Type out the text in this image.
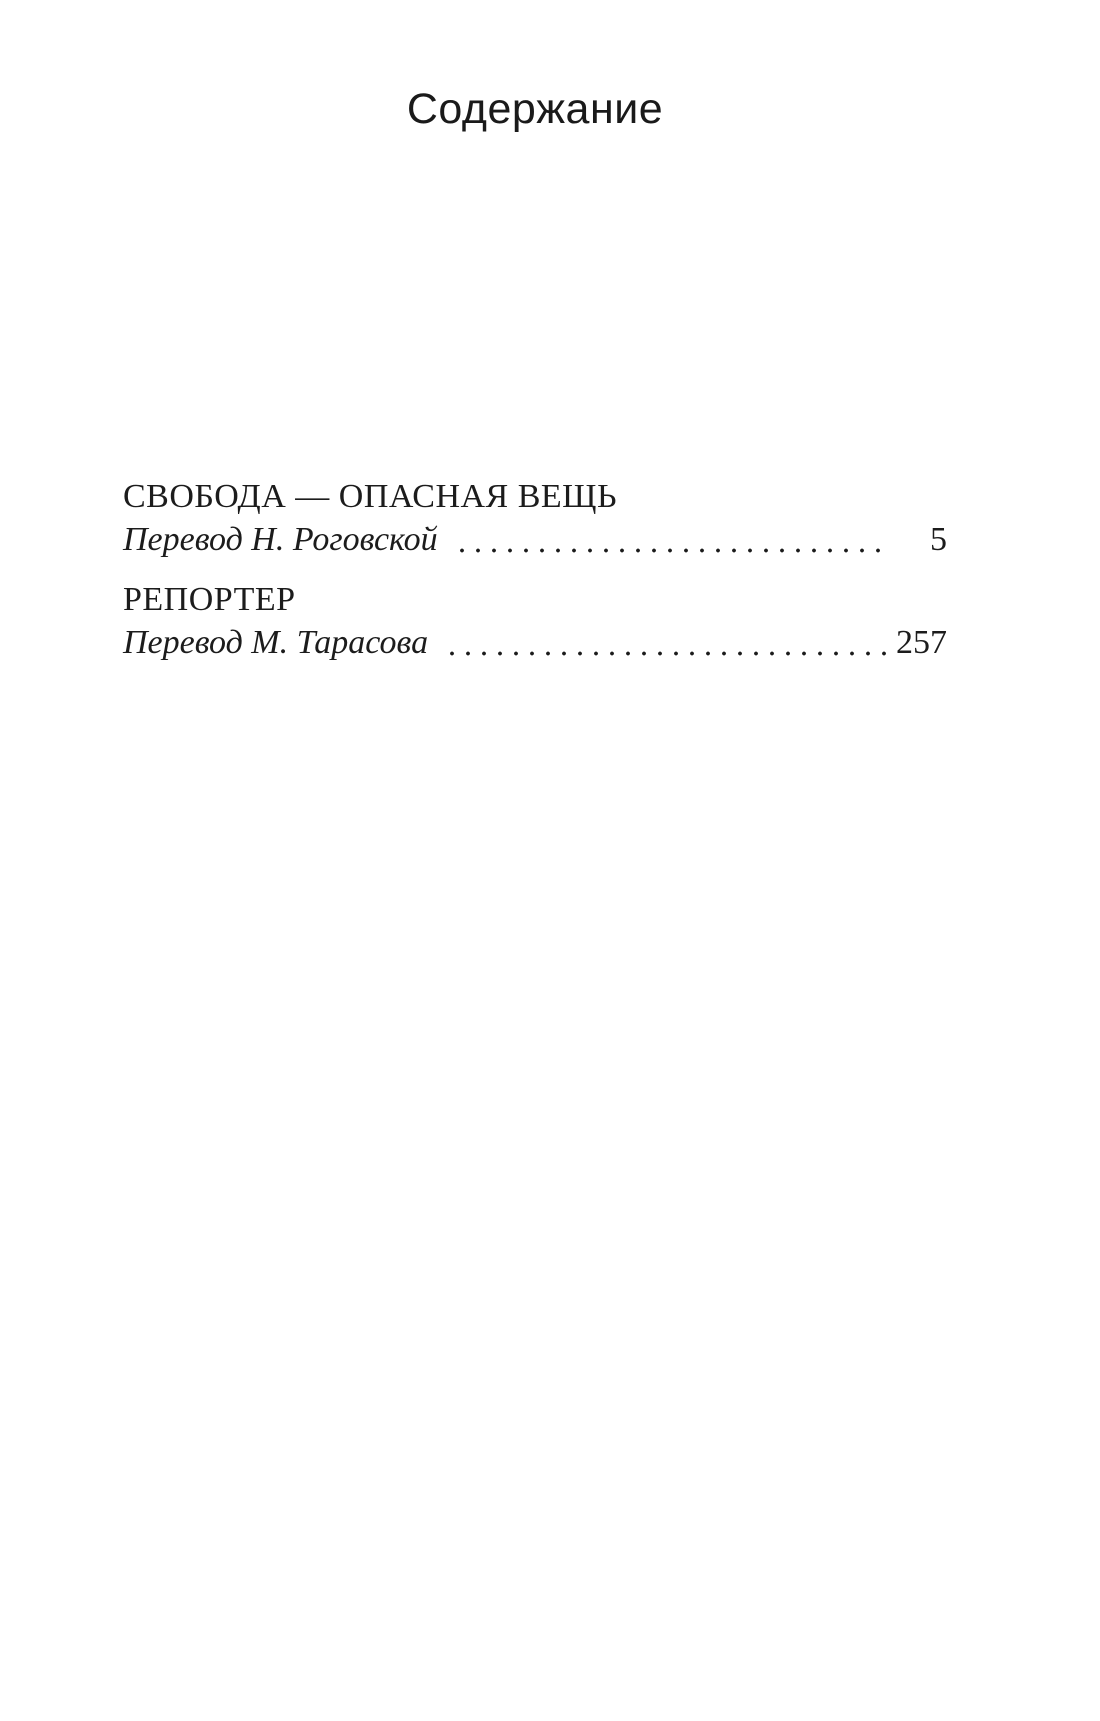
Содержание
СВОБОДА — ОПАСНАЯ ВЕЩЬ
Перевод Н. Роговской	5
РЕПОРТЕР
Перевод М. Тарасова	257
